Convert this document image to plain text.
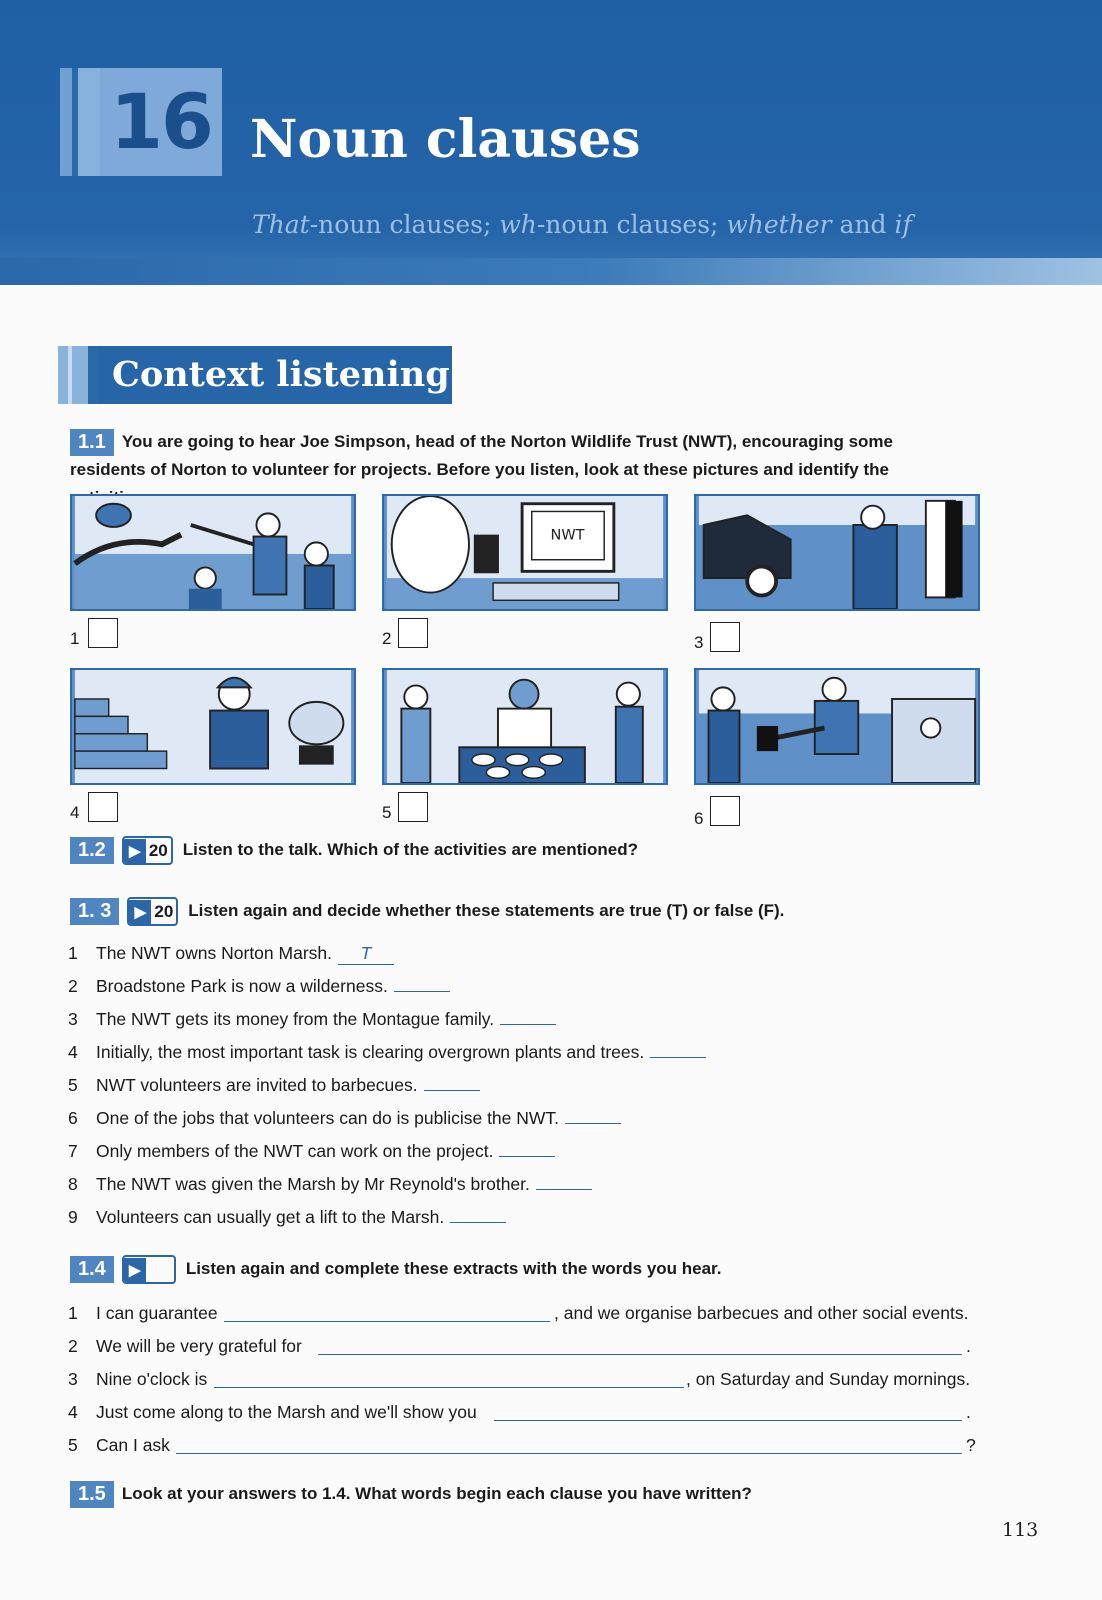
16 Noun clauses
That-noun clauses; wh-noun clauses; whether and if
Context listening
1.1 You are going to hear Joe Simpson, head of the Norton Wildlife Trust (NWT), encouraging some residents of Norton to volunteer for projects. Before you listen, look at these pictures and identify the
1
NWT
2	3
4	5	6
1.2 ▶ 20 Listen to the talk. Which of the activities are mentioned?
1. 3 ▶ 20 Listen again and decide whether these statements are true (T) or false (F).
1 The NWT owns Norton Marsh. T
2 Broadstone Park is now a wilderness.
3 The NWT gets its money from the Montague family.
4 Initially, the most important task is clearing overgrown plants and trees.
5 NWT volunteers are invited to barbecues.
6 One of the jobs that volunteers can do is publicise the NWT.
7 Only members of the NWT can work on the project.
8 The NWT was given the Marsh by Mr Reynold's brother.
9 Volunteers can usually get a lift to the Marsh.
1.4 ▶	Listen again and complete these extracts with the words you hear.
1 I can guarantee	, and we organise barbecues and other social events.
2 We will be very grateful for	.
3 Nine o'clock is	, on Saturday and Sunday mornings.
4 Just come along to the Marsh and we'll show you	.
5 Can I ask	?
1.5 Look at your answers to 1.4. What words begin each clause you have written?
113
